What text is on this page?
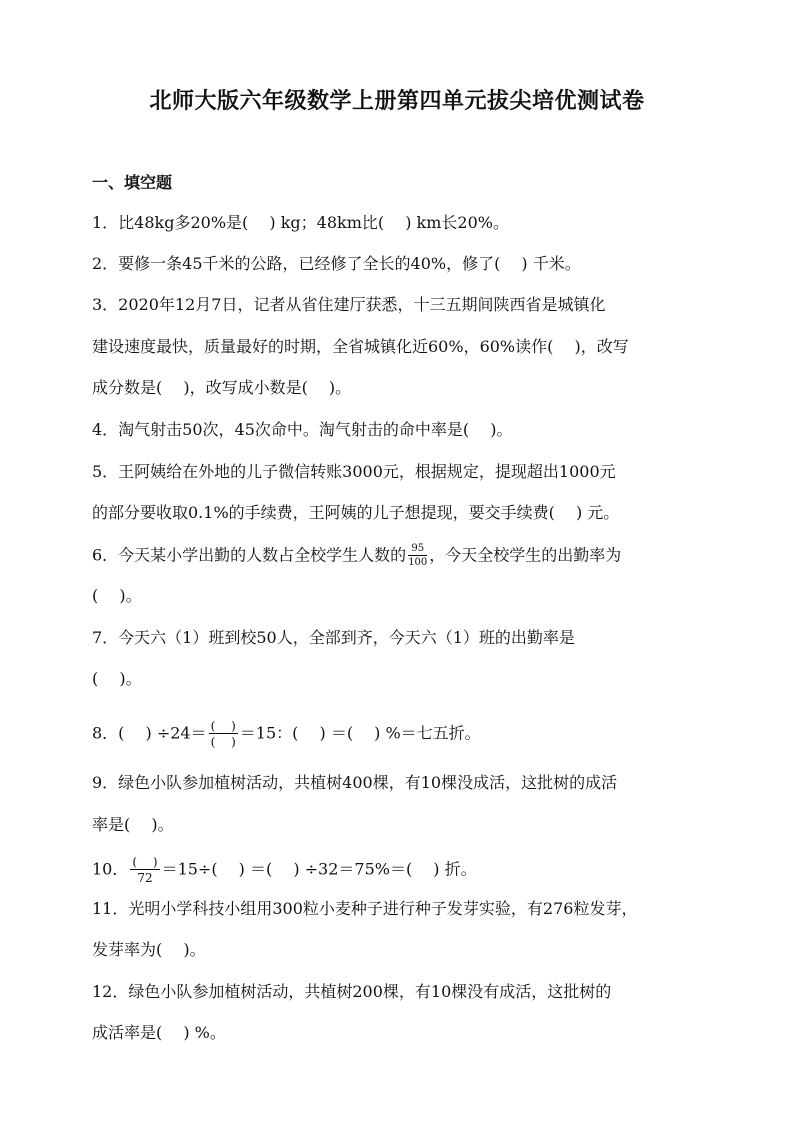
北师大版六年级数学上册第四单元拔尖培优测试卷
一、填空题
1．比48kg多20%是(　 ) kg；48km比(　 ) km长20%。
2．要修一条45千米的公路，已经修了全长的40%，修了(　 ) 千米。
3．2020年12月7日，记者从省住建厅获悉，十三五期间陕西省是城镇化
建设速度最快，质量最好的时期，全省城镇化近60%，60%读作(　 )，改写
成分数是(　 )，改写成小数是(　 )。
4．淘气射击50次，45次命中。淘气射击的命中率是(　 )。
5．王阿姨给在外地的儿子微信转账3000元，根据规定，提现超出1000元
的部分要收取0.1%的手续费，王阿姨的儿子想提现，要交手续费(　 ) 元。
6．今天某小学出勤的人数占全校学生人数的 $\frac{95}{100}$ ，今天全校学生的出勤率为
(　 )。
7．今天六（1）班到校50人，全部到齐，今天六（1）班的出勤率是
(　 )。
8．(　 ) $\div 24= \frac{( )}{( )} =15$：(　 ) ＝(　 ) %＝七五折。
9．绿色小队参加植树活动，共植树400棵，有10棵没成活，这批树的成活
率是(　 )。
10． $\frac{( )}{72} =15\div$(　 ) ＝(　 ) ÷32＝75%＝(　 ) 折。
11．光明小学科技小组用300粒小麦种子进行种子发芽实验，有276粒发芽，
发芽率为(　 )。
12．绿色小队参加植树活动，共植树200棵，有10棵没有成活，这批树的
成活率是(　 ) %。
